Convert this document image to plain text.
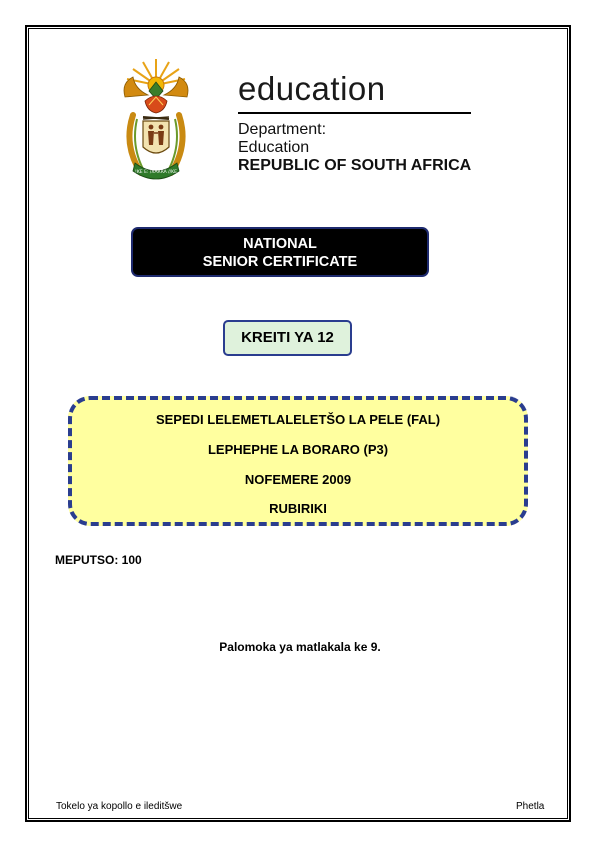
!KE E: /XARRA //KE
education
Department:
Education
REPUBLIC OF SOUTH AFRICA
NATIONAL
SENIOR CERTIFICATE
KREITI YA 12
SEPEDI LELEMETLALELETŠO LA PELE (FAL)
LEPHEPHE LA BORARO (P3)
NOFEMERE 2009
RUBIRIKI
MEPUTSO: 100
Palomoka ya matlakala ke 9.
Tokelo ya kopollo e ileditšwe	Phetla
